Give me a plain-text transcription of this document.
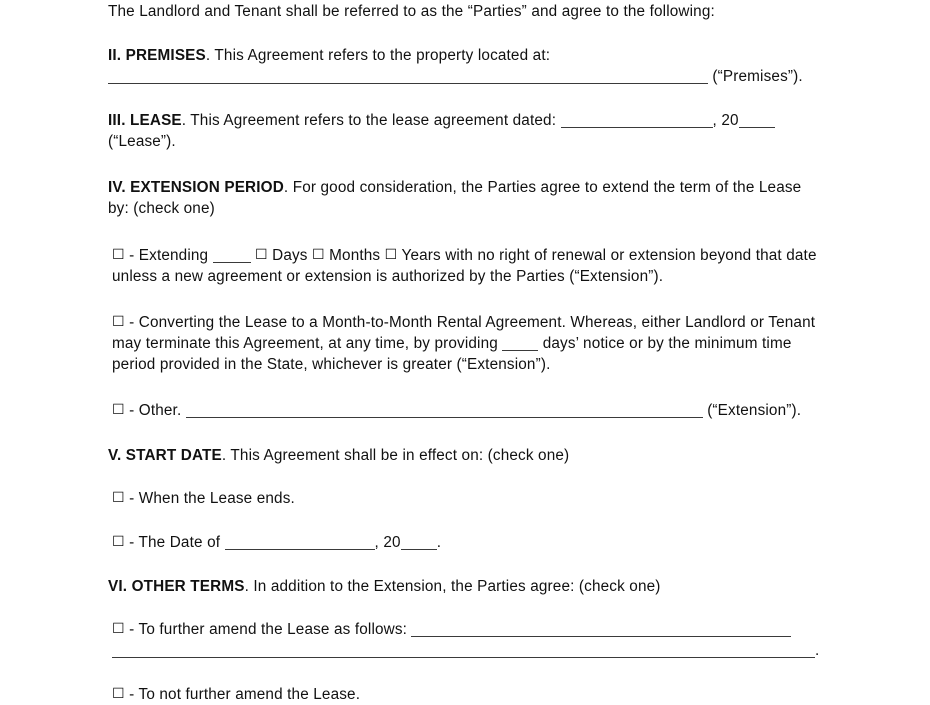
The Landlord and Tenant shall be referred to as the “Parties” and agree to the following:

II. PREMISES. This Agreement refers to the property located at:
(“Premises”).

III. LEASE. This Agreement refers to the lease agreement dated:	, 20
(“Lease”).

IV. EXTENSION PERIOD. For good consideration, the Parties agree to extend the term of the Lease by: (check one)

☐ - Extending	☐ Days ☐ Months ☐ Years with no right of renewal or extension beyond that date unless a new agreement or extension is authorized by the Parties (“Extension”).

☐ - Converting the Lease to a Month-to-Month Rental Agreement. Whereas, either Landlord or Tenant may terminate this Agreement, at any time, by providing	days’ notice or by the minimum time period provided in the State, whichever is greater (“Extension”).

☐ - Other.	(“Extension”).

V. START DATE. This Agreement shall be in effect on: (check one)

☐ - When the Lease ends.

☐ - The Date of	, 20 .

VI. OTHER TERMS. In addition to the Extension, the Parties agree: (check one)

☐ - To further amend the Lease as follows:
.

☐ - To not further amend the Lease.
